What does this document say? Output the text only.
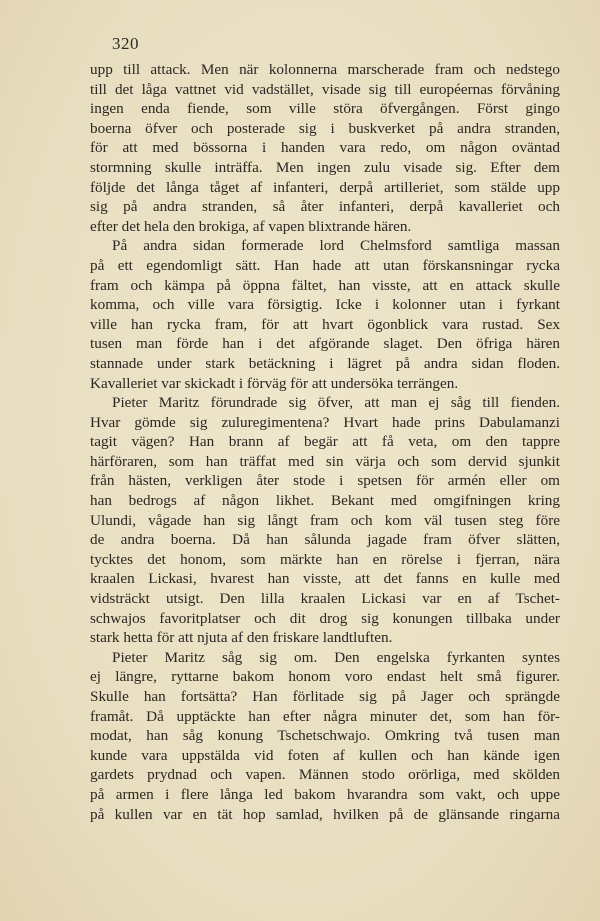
320

upp till attack. Men när kolonnerna marscherade fram och nedstego

till det låga vattnet vid vadstället, visade sig till européernas förvåning

ingen enda fiende, som ville störa öfvergången. Först gingo

boerna öfver och posterade sig i buskverket på andra stranden,

för att med bössorna i handen vara redo, om någon oväntad

stormning skulle inträffa. Men ingen zulu visade sig. Efter dem

följde det långa tåget af infanteri, derpå artilleriet, som stälde upp

sig på andra stranden, så åter infanteri, derpå kavalleriet och

efter det hela den brokiga, af vapen blixtrande hären.

På andra sidan formerade lord Chelmsford samtliga massan

på ett egendomligt sätt. Han hade att utan förskansningar rycka

fram och kämpa på öppna fältet, han visste, att en attack skulle

komma, och ville vara försigtig. Icke i kolonner utan i fyrkant

ville han rycka fram, för att hvart ögonblick vara rustad. Sex

tusen man förde han i det afgörande slaget. Den öfriga hären

stannade under stark betäckning i lägret på andra sidan floden.

Kavalleriet var skickadt i förväg för att undersöka terrängen.

Pieter Maritz förundrade sig öfver, att man ej såg till fienden.

Hvar gömde sig zuluregimentena? Hvart hade prins Dabulamanzi

tagit vägen? Han brann af begär att få veta, om den tappre

härföraren, som han träffat med sin värja och som dervid sjunkit

från hästen, verkligen åter stode i spetsen för armén eller om

han bedrogs af någon likhet. Bekant med omgifningen kring

Ulundi, vågade han sig långt fram och kom väl tusen steg före

de andra boerna. Då han sålunda jagade fram öfver slätten,

tycktes det honom, som märkte han en rörelse i fjerran, nära

kraalen Lickasi, hvarest han visste, att det fanns en kulle med

vidsträckt utsigt. Den lilla kraalen Lickasi var en af Tschet-

schwajos favoritplatser och dit drog sig konungen tillbaka under

stark hetta för att njuta af den friskare landtluften.

Pieter Maritz såg sig om. Den engelska fyrkanten syntes

ej längre, ryttarne bakom honom voro endast helt små figurer.

Skulle han fortsätta? Han förlitade sig på Jager och sprängde

framåt. Då upptäckte han efter några minuter det, som han för-

modat, han såg konung Tschetschwajo. Omkring två tusen man

kunde vara uppstälda vid foten af kullen och han kände igen

gardets prydnad och vapen. Männen stodo orörliga, med skölden

på armen i flere långa led bakom hvarandra som vakt, och uppe

på kullen var en tät hop samlad, hvilken på de glänsande ringarna
